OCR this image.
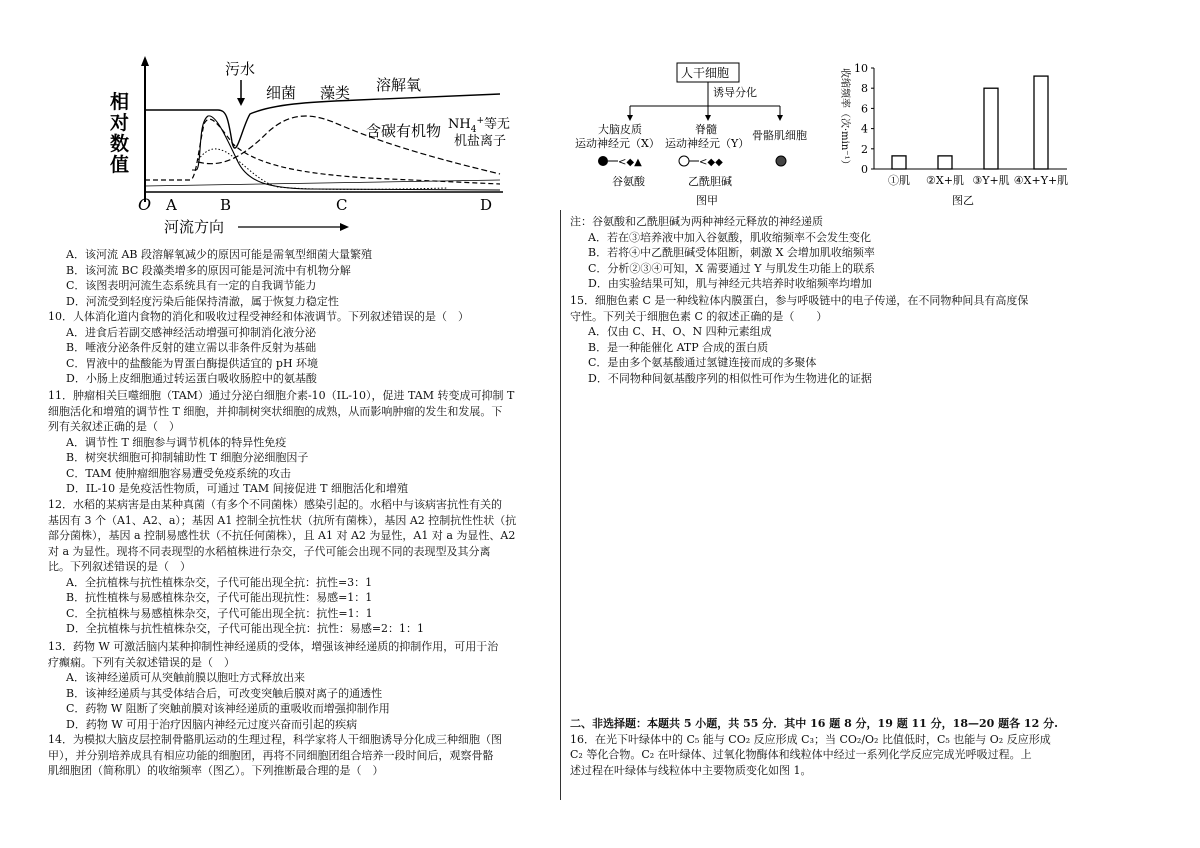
相
对
数
值
污水
细菌 藻类 溶解氧
含碳有机物 $NH_4^+$等无
机盐离子
O A	B	C	D
河流方向

A．该河流 AB 段溶解氧减少的原因可能是需氧型细菌大量繁殖

B．该河流 BC 段藻类增多的原因可能是河流中有机物分解

C．该图表明河流生态系统具有一定的自我调节能力

D．河流受到轻度污染后能保持清澈，属于恢复力稳定性

10．人体消化道内食物的消化和吸收过程受神经和体液调节。下列叙述错误的是（　）

A．进食后若副交感神经活动增强可抑制消化液分泌

B．唾液分泌条件反射的建立需以非条件反射为基础

C．胃液中的盐酸能为胃蛋白酶提供适宜的 pH 环境

D．小肠上皮细胞通过转运蛋白吸收肠腔中的氨基酸

11．肿瘤相关巨噬细胞（TAM）通过分泌白细胞介素-10（IL-10），促进 TAM 转变成可抑制 T

细胞活化和增殖的调节性 T 细胞，并抑制树突状细胞的成熟，从而影响肿瘤的发生和发展。下

列有关叙述正确的是（　）

A．调节性 T 细胞参与调节机体的特异性免疫

B．树突状细胞可抑制辅助性 T 细胞分泌细胞因子

C．TAM 使肿瘤细胞容易遭受免疫系统的攻击

D．IL-10 是免疫活性物质，可通过 TAM 间接促进 T 细胞活化和增殖

12．水稻的某病害是由某种真菌（有多个不同菌株）感染引起的。水稻中与该病害抗性有关的

基因有 3 个（A1、A2、a）；基因 A1 控制全抗性状（抗所有菌株），基因 A2 控制抗性性状（抗

部分菌株），基因 a 控制易感性状（不抗任何菌株），且 A1 对 A2 为显性，A1 对 a 为显性、A2

对 a 为显性。现将不同表现型的水稻植株进行杂交，子代可能会出现不同的表现型及其分离

比。下列叙述错误的是（　）

A．全抗植株与抗性植株杂交，子代可能出现全抗：抗性=3：1

B．抗性植株与易感植株杂交，子代可能出现抗性：易感=1：1

C．全抗植株与易感植株杂交，子代可能出现全抗：抗性=1：1

D．全抗植株与抗性植株杂交，子代可能出现全抗：抗性：易感=2：1：1

13．药物 W 可激活脑内某种抑制性神经递质的受体，增强该神经递质的抑制作用，可用于治

疗癫痫。下列有关叙述错误的是（　）

A．该神经递质可从突触前膜以胞吐方式释放出来

B．该神经递质与其受体结合后，可改变突触后膜对离子的通透性

C．药物 W 阻断了突触前膜对该神经递质的重吸收而增强抑制作用

D．药物 W 可用于治疗因脑内神经元过度兴奋而引起的疾病

14．为模拟大脑皮层控制骨骼肌运动的生理过程，科学家将人干细胞诱导分化成三种细胞（图

甲），并分别培养成具有相应功能的细胞团，再将不同细胞团组合培养一段时间后，观察骨骼

肌细胞团（简称肌）的收缩频率（图乙）。下列推断最合理的是（　）

人干细胞
诱导分化
大脑皮质
运动神经元（X）
脊髓
运动神经元（Y）
骨骼肌细胞
<◆▲	<◆◆
谷氨酸	乙酰胆碱
图甲
收缩频率（次·min⁻¹） 0
2
4
6
8
10
①肌 ②X+肌 ③Y+肌 ④X+Y+肌
图乙

注：谷氨酸和乙酰胆碱为两种神经元释放的神经递质

A．若在③培养液中加入谷氨酸，肌收缩频率不会发生变化

B．若将④中乙酰胆碱受体阻断，刺激 X 会增加肌收缩频率

C．分析②③④可知，X 需要通过 Y 与肌发生功能上的联系

D．由实验结果可知，肌与神经元共培养时收缩频率均增加

15．细胞色素 C 是一种线粒体内膜蛋白，参与呼吸链中的电子传递，在不同物种间具有高度保

守性。下列关于细胞色素 C 的叙述正确的是（　　）

A．仅由 C、H、O、N 四种元素组成

B．是一种能催化 ATP 合成的蛋白质

C．是由多个氨基酸通过氢键连接而成的多聚体

D．不同物种间氨基酸序列的相似性可作为生物进化的证据

二、非选择题：本题共 5 小题，共 55 分．其中 16 题 8 分，19 题 11 分，18—20 题各 12 分.

16．在光下叶绿体中的 C₅ 能与 CO₂ 反应形成 C₃；当 CO₂/O₂ 比值低时，C₅ 也能与 O₂ 反应形成

C₂ 等化合物。C₂ 在叶绿体、过氧化物酶体和线粒体中经过一系列化学反应完成光呼吸过程。上

述过程在叶绿体与线粒体中主要物质变化如图 1。
